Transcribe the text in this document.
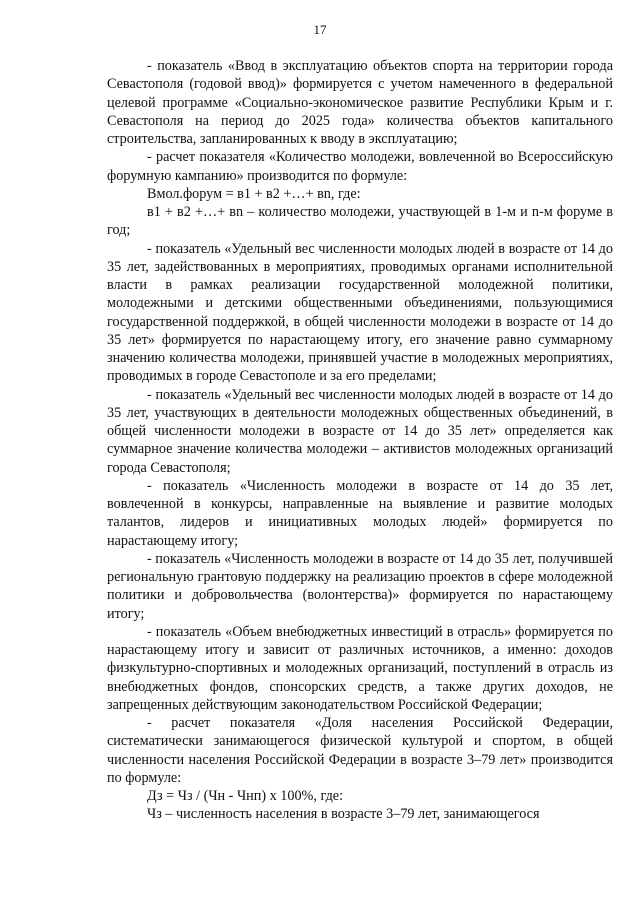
17

- показатель «Ввод в эксплуатацию объектов спорта на территории города Севастополя (годовой ввод)» формируется с учетом намеченного в федеральной целевой программе «Социально-экономическое развитие Республики Крым и г. Севастополя на период до 2025 года» количества объектов капитального строительства, запланированных к вводу в эксплуатацию;

- расчет показателя «Количество молодежи, вовлеченной во Всероссийскую форумную кампанию» производится по формуле:

Вмол.форум = в1 + в2 +…+ вn, где:

в1 + в2 +…+ вn – количество молодежи, участвующей в 1-м и n-м форуме в год;

- показатель «Удельный вес численности молодых людей в возрасте от 14 до 35 лет, задействованных в мероприятиях, проводимых органами исполнительной власти в рамках реализации государственной молодежной политики, молодежными и детскими общественными объединениями, пользующимися государственной поддержкой, в общей численности молодежи в возрасте от 14 до 35 лет» формируется по нарастающему итогу, его значение равно суммарному значению количества молодежи, принявшей участие в молодежных мероприятиях, проводимых в городе Севастополе и за его пределами;

- показатель «Удельный вес численности молодых людей в возрасте от 14 до 35 лет, участвующих в деятельности молодежных общественных объединений, в общей численности молодежи в возрасте от 14 до 35 лет» определяется как суммарное значение количества молодежи – активистов молодежных организаций города Севастополя;

- показатель «Численность молодежи в возрасте от 14 до 35 лет, вовлеченной в конкурсы, направленные на выявление и развитие молодых талантов, лидеров и инициативных молодых людей» формируется по нарастающему итогу;

- показатель «Численность молодежи в возрасте от 14 до 35 лет, получившей региональную грантовую поддержку на реализацию проектов в сфере молодежной политики и добровольчества (волонтерства)» формируется по нарастающему итогу;

- показатель «Объем внебюджетных инвестиций в отрасль» формируется по нарастающему итогу и зависит от различных источников, а именно: доходов физкультурно-спортивных и молодежных организаций, поступлений в отрасль из внебюджетных фондов, спонсорских средств, а также других доходов, не запрещенных действующим законодательством Российской Федерации;

- расчет показателя «Доля населения Российской Федерации, систематически занимающегося физической культурой и спортом, в общей численности населения Российской Федерации в возрасте 3–79 лет» производится по формуле:

Дз = Чз / (Чн - Чнп) х 100%, где:

Чз – численность населения в возрасте 3–79 лет, занимающегося
